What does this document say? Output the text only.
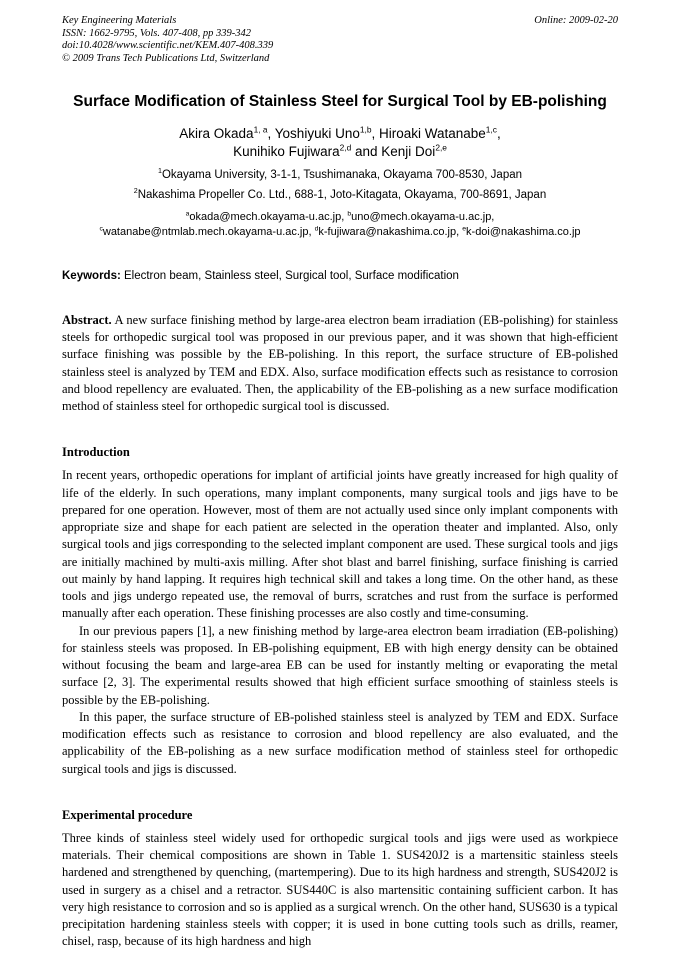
Key Engineering Materials
ISSN: 1662-9795, Vols. 407-408, pp 339-342
doi:10.4028/www.scientific.net/KEM.407-408.339
© 2009 Trans Tech Publications Ltd, Switzerland
Online: 2009-02-20
Surface Modification of Stainless Steel for Surgical Tool by EB-polishing
Akira Okada$^{1, a}$, Yoshiyuki Uno$^{1,b}$, Hiroaki Watanabe$^{1,c}$,
Kunihiko Fujiwara$^{2,d}$ and Kenji Doi$^{2,e}$
$^1$Okayama University, 3-1-1, Tsushimanaka, Okayama 700-8530, Japan
$^2$Nakashima Propeller Co. Ltd., 688-1, Joto-Kitagata, Okayama, 700-8691, Japan
$^a$okada@mech.okayama-u.ac.jp, $^b$uno@mech.okayama-u.ac.jp,
$^c$watanabe@ntmlab.mech.okayama-u.ac.jp, $^d$k-fujiwara@nakashima.co.jp, $^e$k-doi@nakashima.co.jp
Keywords: Electron beam, Stainless steel, Surgical tool, Surface modification

Abstract. A new surface finishing method by large-area electron beam irradiation (EB-polishing) for stainless steels for orthopedic surgical tool was proposed in our previous paper, and it was shown that high-efficient surface finishing was possible by the EB-polishing. In this report, the surface structure of EB-polished stainless steel is analyzed by TEM and EDX. Also, surface modification effects such as resistance to corrosion and blood repellency are evaluated. Then, the applicability of the EB-polishing as a new surface modification method of stainless steel for orthopedic surgical tool is discussed.

Introduction

In recent years, orthopedic operations for implant of artificial joints have greatly increased for high quality of life of the elderly. In such operations, many implant components, many surgical tools and jigs have to be prepared for one operation. However, most of them are not actually used since only implant components with appropriate size and shape for each patient are selected in the operation theater and implanted. Also, only surgical tools and jigs corresponding to the selected implant component are used. These surgical tools and jigs are initially machined by multi-axis milling. After shot blast and barrel finishing, surface finishing is carried out mainly by hand lapping. It requires high technical skill and takes a long time. On the other hand, as these tools and jigs undergo repeated use, the removal of burrs, scratches and rust from the surface is performed manually after each operation. These finishing processes are also costly and time-consuming.

In our previous papers [1], a new finishing method by large-area electron beam irradiation (EB-polishing) for stainless steels was proposed. In EB-polishing equipment, EB with high energy density can be obtained without focusing the beam and large-area EB can be used for instantly melting or evaporating the metal surface [2, 3]. The experimental results showed that high efficient surface smoothing of stainless steels is possible by the EB-polishing.

In this paper, the surface structure of EB-polished stainless steel is analyzed by TEM and EDX. Surface modification effects such as resistance to corrosion and blood repellency are also evaluated, and the applicability of the EB-polishing as a new surface modification method of stainless steel for orthopedic surgical tools and jigs is discussed.

Experimental procedure

Three kinds of stainless steel widely used for orthopedic surgical tools and jigs were used as workpiece materials. Their chemical compositions are shown in Table 1. SUS420J2 is a martensitic stainless steels hardened and strengthened by quenching, (martempering). Due to its high hardness and strength, SUS420J2 is used in surgery as a chisel and a retractor. SUS440C is also martensitic containing sufficient carbon. It has very high resistance to corrosion and so is applied as a surgical wrench. On the other hand, SUS630 is a typical precipitation hardening stainless steels with copper; it is used in bone cutting tools such as drills, reamer, chisel, rasp, because of its high hardness and high
